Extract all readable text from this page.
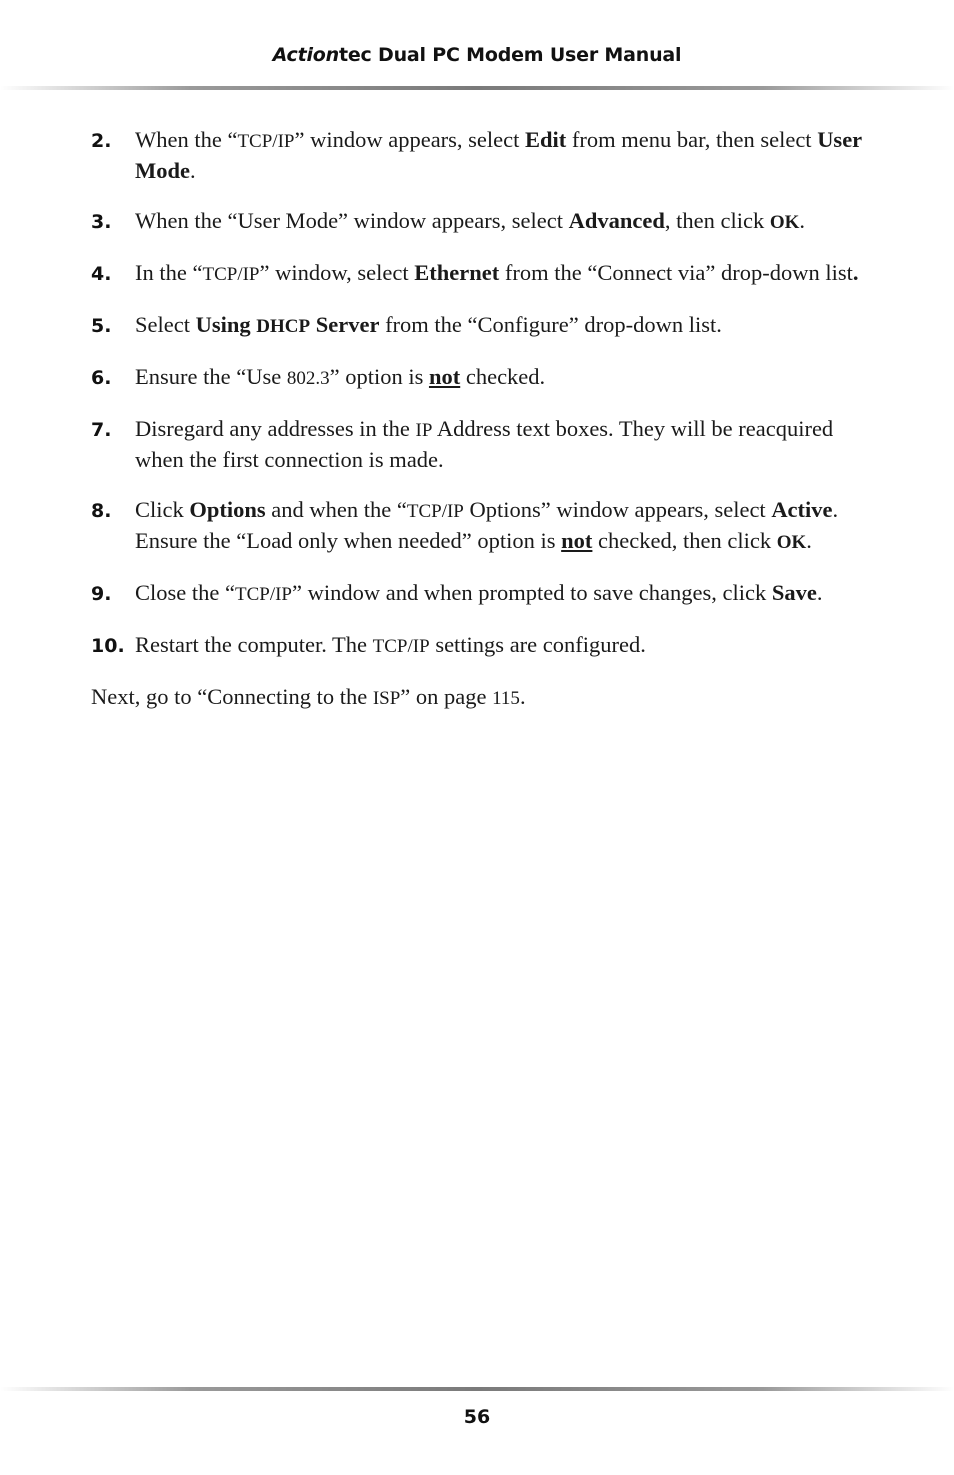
Actiontec Dual PC Modem User Manual
2. When the “TCP/IP” window appears, select Edit from menu bar, then select User Mode.
3. When the “User Mode” window appears, select Advanced, then click OK.
4. In the “TCP/IP” window, select Ethernet from the “Connect via” drop-down list.
5. Select Using DHCP Server from the “Configure” drop-down list.
6. Ensure the “Use 802.3” option is not checked.
7. Disregard any addresses in the IP Address text boxes. They will be reacquired when the first connection is made.
8. Click Options and when the “TCP/IP Options” window appears, select Active. Ensure the “Load only when needed” option is not checked, then click OK.
9. Close the “TCP/IP” window and when prompted to save changes, click Save.
10. Restart the computer. The TCP/IP settings are configured.
Next, go to “Connecting to the ISP” on page 115.
56
